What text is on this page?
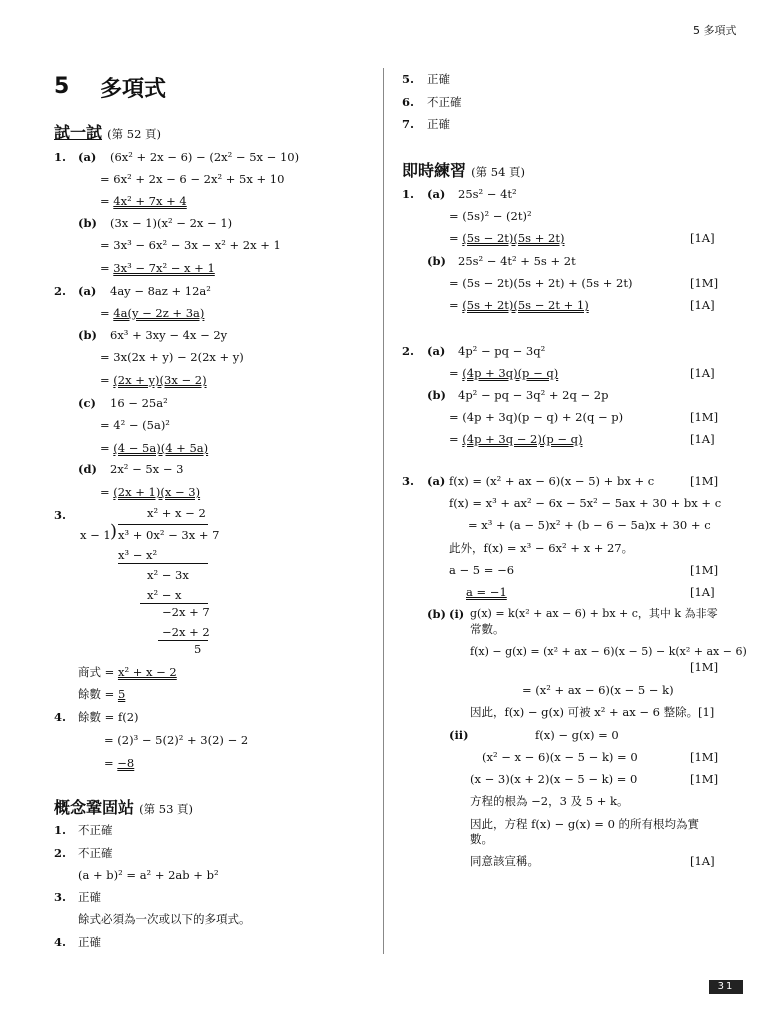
5 多項式
5 多項式
試一試 (第 52 頁)
1. (a) (6x² + 2x − 6) − (2x² − 5x − 10)
= 6x² + 2x − 6 − 2x² + 5x + 10
= 4x² + 7x + 4
(b) (3x − 1)(x² − 2x − 1)
= 3x³ − 6x² − 3x − x² + 2x + 1
= 3x³ − 7x² − x + 1
2. (a) 4ay − 8az + 12a²
= 4a(y − 2z + 3a)
(b) 6x³ + 3xy − 4x − 2y
= 3x(2x + y) − 2(2x + y)
= (2x + y)(3x − 2)
(c) 16 − 25a²
= 4² − (5a)²
= (4 − 5a)(4 + 5a)
(d) 2x² − 5x − 3
= (2x + 1)(x − 3)
3.	x² + x − 2
x − 1 ) x³ + 0x² − 3x + 7
x³ − x²
x² − 3x
x² − x
−2x + 7
−2x + 2
5
商式 = x² + x − 2
餘數 = 5
4. 餘數 = f(2)
= (2)³ − 5(2)² + 3(2) − 2
= −8
概念鞏固站 (第 53 頁)
1. 不正確
2. 不正確
(a + b)² = a² + 2ab + b²
3. 正確
餘式必須為一次或以下的多項式。
4. 正確
5. 正確
6. 不正確
7. 正確
即時練習 (第 54 頁)
1. (a) 25s² − 4t²
= (5s)² − (2t)²
= (5s − 2t)(5s + 2t)	[1A]
(b) 25s² − 4t² + 5s + 2t
= (5s − 2t)(5s + 2t) + (5s + 2t)	[1M]
= (5s + 2t)(5s − 2t + 1)	[1A]
2. (a) 4p² − pq − 3q²
= (4p + 3q)(p − q)	[1A]
(b) 4p² − pq − 3q² + 2q − 2p
= (4p + 3q)(p − q) + 2(q − p)	[1M]
= (4p + 3q − 2)(p − q)	[1A]
3. (a) f(x) = (x² + ax − 6)(x − 5) + bx + c	[1M]
f(x) = x³ + ax² − 6x − 5x² − 5ax + 30 + bx + c
= x³ + (a − 5)x² + (b − 6 − 5a)x + 30 + c
此外，f(x) = x³ − 6x² + x + 27。
a − 5 = −6	[1M]
a = −1	[1A]
(b) (i) g(x) = k(x² + ax − 6) + bx + c，其中 k 為非零
常數。
f(x) − g(x) = (x² + ax − 6)(x − 5) − k(x² + ax − 6)
[1M]
= (x² + ax − 6)(x − 5 − k)
因此，f(x) − g(x) 可被 x² + ax − 6 整除。 [1]
(ii)	f(x) − g(x) = 0
(x² − x − 6)(x − 5 − k) = 0	[1M]
(x − 3)(x + 2)(x − 5 − k) = 0	[1M]
方程的根為 −2，3 及 5 + k。
因此，方程 f(x) − g(x) = 0 的所有根均為實
數。
同意該宣稱。	[1A]
31
